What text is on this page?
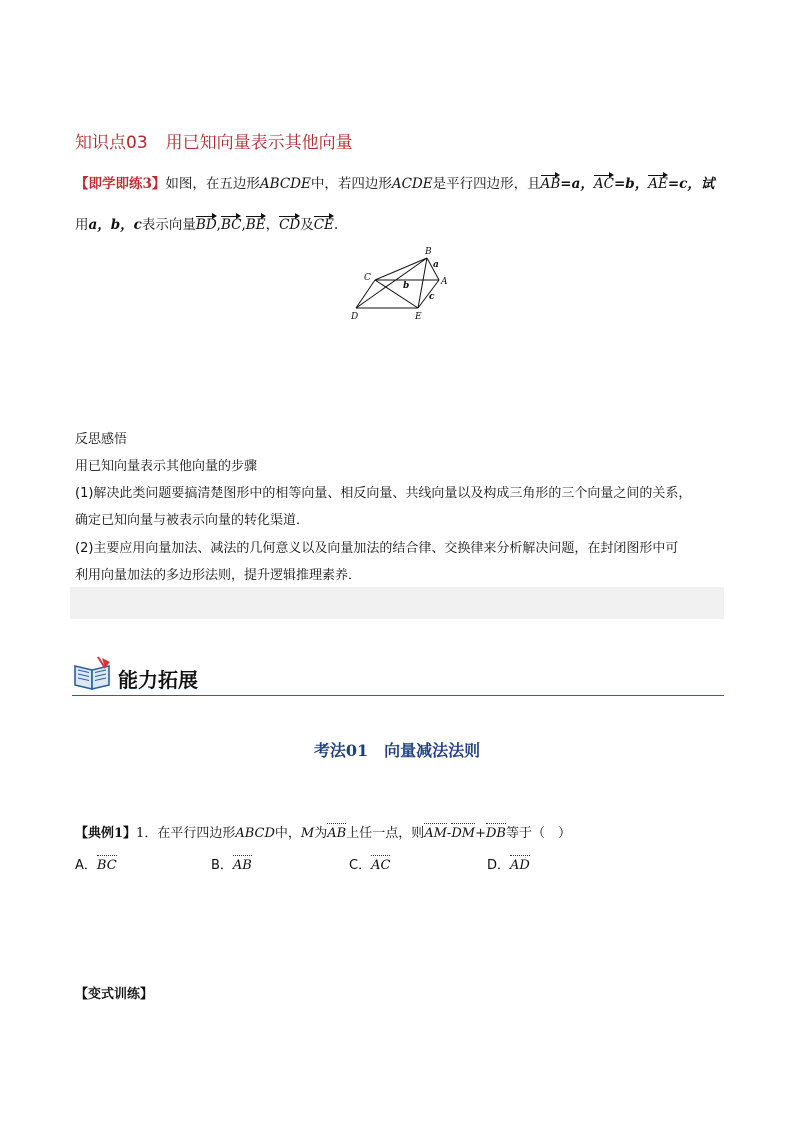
知识点03 用已知向量表示其他向量
【即学即练3】如图，在五边形ABCDE中，若四边形ACDE是平行四边形，且AB=a，AC=b，AE=c，试
用a，b，c表示向量BD,BC,BE，CD及CE.
B
A
C
D	E
a
b
c
反思感悟
用已知向量表示其他向量的步骤
(1)解决此类问题要搞清楚图形中的相等向量、相反向量、共线向量以及构成三角形的三个向量之间的关系，
确定已知向量与被表示向量的转化渠道．
(2)主要应用向量加法、减法的几何意义以及向量加法的结合律、交换律来分析解决问题，在封闭图形中可
利用向量加法的多边形法则，提升逻辑推理素养．
能力拓展
考法01 向量减法法则
【典例1】1．在平行四边形ABCD中，M为AB上任一点，则AM-DM+DB等于（　）
A．BC	B．AB	C．AC	D．AD
【变式训练】
